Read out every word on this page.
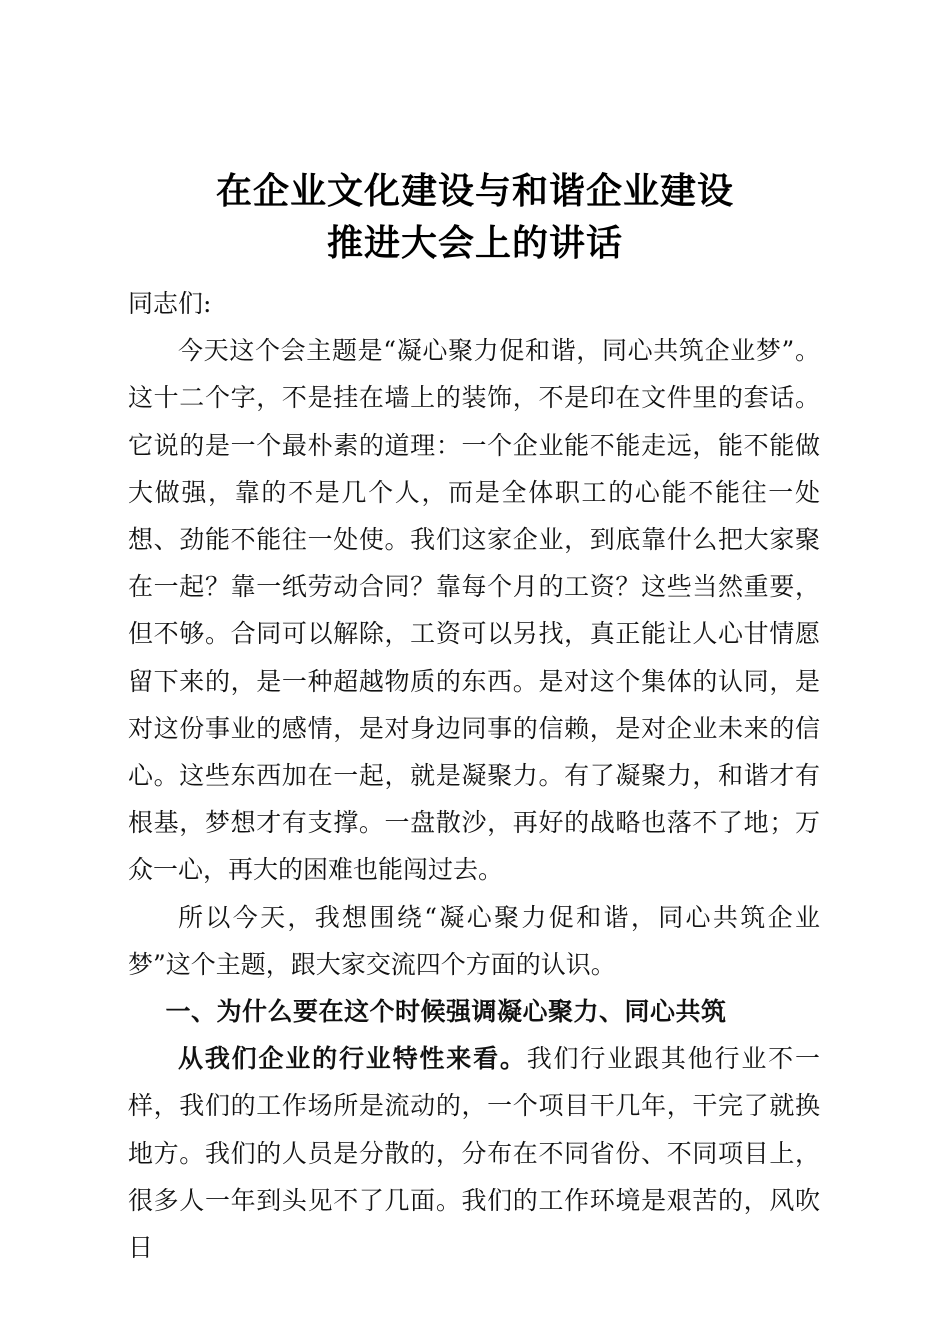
在企业文化建设与和谐企业建设
推进大会上的讲话

同志们:

今天这个会主题是“凝心聚力促和谐，同心共筑企业梦”。这十二个字，不是挂在墙上的装饰，不是印在文件里的套话。它说的是一个最朴素的道理：一个企业能不能走远，能不能做大做强，靠的不是几个人，而是全体职工的心能不能往一处想、劲能不能往一处使。我们这家企业，到底靠什么把大家聚在一起？靠一纸劳动合同？靠每个月的工资？这些当然重要，但不够。合同可以解除，工资可以另找，真正能让人心甘情愿留下来的，是一种超越物质的东西。是对这个集体的认同，是对这份事业的感情，是对身边同事的信赖，是对企业未来的信心。这些东西加在一起，就是凝聚力。有了凝聚力，和谐才有根基，梦想才有支撑。一盘散沙，再好的战略也落不了地；万众一心，再大的困难也能闯过去。

所以今天，我想围绕“凝心聚力促和谐，同心共筑企业梦”这个主题，跟大家交流四个方面的认识。

一、为什么要在这个时候强调凝心聚力、同心共筑

从我们企业的行业特性来看。我们行业跟其他行业不一样，我们的工作场所是流动的，一个项目干几年，干完了就换地方。我们的人员是分散的，分布在不同省份、不同项目上，很多人一年到头见不了几面。我们的工作环境是艰苦的，风吹日
